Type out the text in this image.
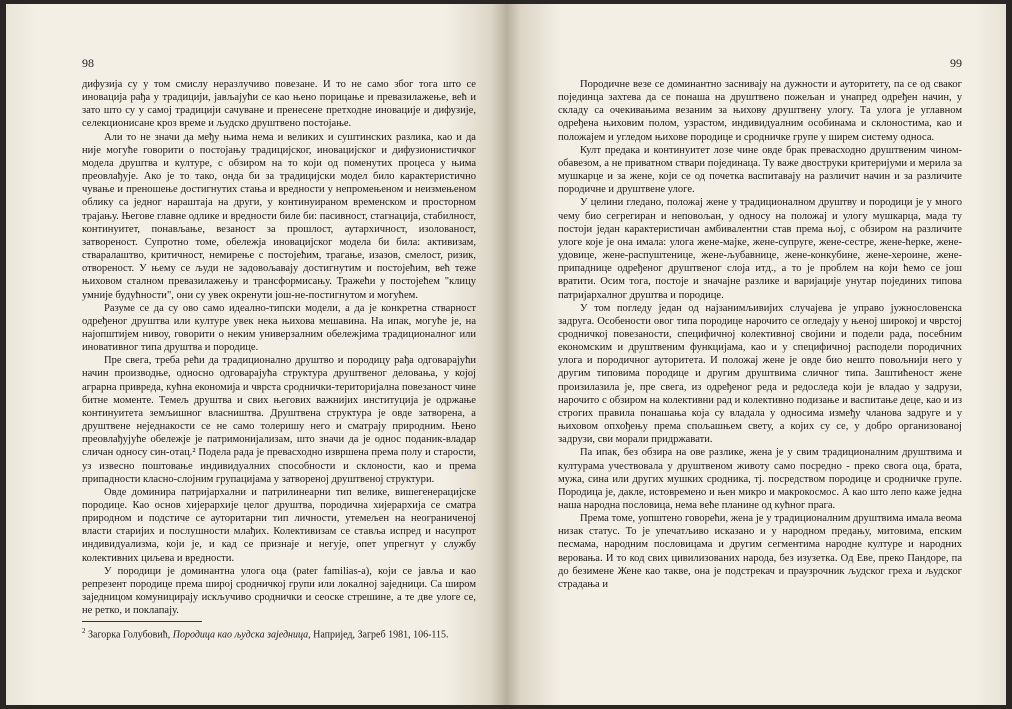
98

дифузија су у том смислу неразлучиво повезане. И то не само због тога што се иновација рађа у традицији, јављајући се као њено порицање и превазилажење, већ и зато што су у самој традицији сачуване и пренесене претходне иновације и дифузије, селекционисане кроз време и људско друштвено постојање.

Али то не значи да међу њима нема и великих и суштинских разлика, као и да није могуће говорити о постојању традицијског, иновацијског и дифузионистичког модела друштва и културе, с обзиром на то који од поменутих процеса у њима преовлађује. Ако је то тако, онда би за традицијски модел било карактеристично чување и преношење достигнутих стања и вредности у непромењеном и неизмењеном облику са једног нараштаја на други, у континуираном временском и просторном трајању. Његове главне одлике и вредности биле би: пасивност, стагнација, стабилност, континуитет, понављање, везаност за прошлост, аутархичност, изолованост, затвореност. Супротно томе, обележја иновацијског модела би била: активизам, стваралаштво, критичност, немирење с постојећим, трагање, изазов, смелост, ризик, отвореност. У њему се људи не задовољавају достигнутим и постојећим, већ теже њиховом сталном превазилажењу и трансформисању. Тражећи у постојећем "клицу умније будућности", они су увек окренути још-не-постигнутом и могућем.

Разуме се да су ово само идеално-типски модели, а да је конкретна стварност одређеног друштва или културе увек нека њихова мешавина. На ипак, могуће је, на најопштијем нивоу, говорити о неким универзалним обележјима традиционалног или иновативног типа друштва и породице.

Пре свега, треба рећи да традиционално друштво и породицу рађа одговарајући начин производње, односно одговарајућа структура друштвеног деловања, у којој аграрна привреда, кућна економија и чврста сроднички-територијална повезаност чине битне моменте. Темељ друштва и свих његових важнијих институција је одржање континуитета земљишног власништва. Друштвена структура је овде затворена, а друштвене неједнакости се не само толеришу него и сматрају природним. Њено преовлађујуће обележје је патримонијализам, што значи да је однос поданик-владар сличан односу син-отац.² Подела рада је превасходно извршена према полу и старости, уз извесно поштовање индивидуалних способности и склоности, као и према припадности класно-слојним групацијама у затвореној друштвеној структури.

Овде доминира патријархални и патрилинеарни тип велике, вишегенерацијске породице. Као основ хијерархије целог друштва, породична хијерархија се сматра природном и подстиче се ауторитарни тип личности, утемељен на неограниченој власти старијих и послушности млађих. Колективизам се ставља испред и насупрот индивидуализма, који је, и кад се признаје и негује, опет упрегнут у службу колективних циљева и вредности.

У породици је доминантна улога оца (pater familias-a), који се јавља и као репрезент породице према широј сродничкој групи или локалној заједници. Са широм заједницом комуницирају искључиво сроднички и сеоске стрешине, а те две улоге се, не ретко, и поклапају.

$^2$ Загорка Голубовић, Породица као људска заједница, Напријед, Загреб 1981, 106-115.
99

Породичне везе се доминантно заснивају на дужности и ауторитету, па се од сваког појединца захтева да се понаша на друштвено пожељан и унапред одређен начин, у складу са очекивањима везаним за њихову друштвену улогу. Та улога је углавном одређена њиховим полом, узрастом, индивидуалним особинама и склоностима, као и положајем и угледом њихове породице и сродничке групе у ширем систему односа.

Култ предака и континуитет лозе чине овде брак превасходно друштвеним чином-обавезом, а не приватном ствари појединаца. Ту важе двоструки критеријуми и мерила за мушкарце и за жене, који се од почетка васпитавају на различит начин и за различите породичне и друштвене улоге.

У целини гледано, положај жене у традиционалном друштву и породици је у много чему био сегрегиран и неповољан, у односу на положај и улогу мушкарца, мада ту постоји један карактеристичан амбивалентни став према њој, с обзиром на различите улоге које је она имала: улога жене-мајке, жене-супруге, жене-сестре, жене-ћерке, жене-удовице, жене-распуштенице, жене-љубавнице, жене-конкубине, жене-хероине, жене-припаднице одређеног друштвеног слоја итд., а то је проблем на који ћемо се још вратити. Осим тога, постоје и значајне разлике и варијације унутар појединих типова патријархалног друштва и породице.

У том погледу један од најзанимљивијих случајева је управо јужнословенска задруга. Особености овог типа породице нарочито се огледају у њеној широкој и чврстој сродничкој повезаности, специфичној колективној својини и подели рада, посебним економским и друштвеним функцијама, као и у специфичној расподели породичних улога и породичног ауторитета. И положај жене је овде био нешто повољнији него у другим типовима породице и другим друштвима сличног типа. Заштићеност жене произилазила је, пре свега, из одређеног реда и редоследа који је владао у задрузи, нарочито с обзиром на колективни рад и колективно подизање и васпитање деце, као и из строгих правила понашања која су владала у односима између чланова задруге и у њиховом опхођењу према спољашњем свету, а којих су се, у добро организованој задрузи, сви морали придржавати.

Па ипак, без обзира на ове разлике, жена је у свим традиционалним друштвима и културама учествовала у друштвеном животу само посредно - преко свога оца, брата, мужа, сина или других мушких сродника, тј. посредством породице и сродничке групе. Породица је, дакле, истовремено и њен микро и макрокосмос. А као што лепо каже једна наша народна пословица, нема веће планине од кућног прага.

Према томе, уопштено говорећи, жена је у традиционалним друштвима имала веома низак статус. То је упечатљиво исказано и у народном предању, митовима, епским песмама, народним пословицама и другим сегментима народне културе и народних веровања. И то код свих цивилизованих народа, без изузетка. Од Еве, преко Пандоре, па до безимене Жене као такве, она је подстрекач и праузрочник људског греха и људског страдања и
